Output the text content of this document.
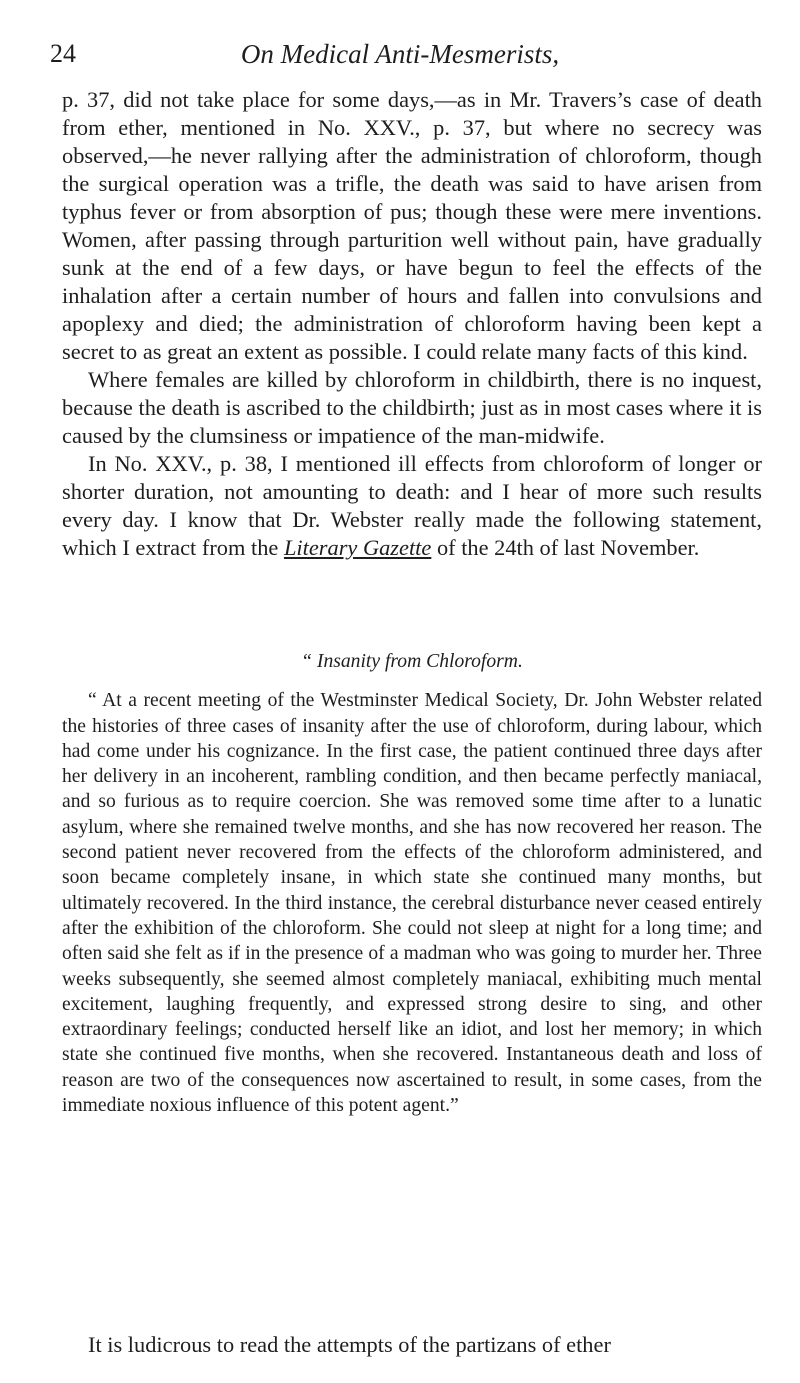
24	On Medical Anti-Mesmerists,

p. 37, did not take place for some days,—as in Mr. Travers’s case of death from ether, mentioned in No. XXV., p. 37, but where no secrecy was observed,—he never rallying after the administration of chloroform, though the surgical operation was a trifle, the death was said to have arisen from typhus fever or from absorption of pus; though these were mere inventions. Women, after passing through parturition well without pain, have gradually sunk at the end of a few days, or have begun to feel the effects of the inhalation after a certain number of hours and fallen into convulsions and apoplexy and died; the administration of chloroform having been kept a secret to as great an extent as possible. I could relate many facts of this kind.

Where females are killed by chloroform in childbirth, there is no inquest, because the death is ascribed to the childbirth; just as in most cases where it is caused by the clumsiness or impatience of the man-midwife.

In No. XXV., p. 38, I mentioned ill effects from chloroform of longer or shorter duration, not amounting to death: and I hear of more such results every day. I know that Dr. Webster really made the following statement, which I extract from the Literary Gazette of the 24th of last November.

“ Insanity from Chloroform.

“ At a recent meeting of the Westminster Medical Society, Dr. John Webster related the histories of three cases of insanity after the use of chloroform, during labour, which had come under his cognizance. In the first case, the patient continued three days after her delivery in an incoherent, rambling condition, and then became perfectly maniacal, and so furious as to require coercion. She was removed some time after to a lunatic asylum, where she remained twelve months, and she has now recovered her reason. The second patient never recovered from the effects of the chloroform administered, and soon became completely insane, in which state she continued many months, but ultimately recovered. In the third instance, the cerebral disturbance never ceased entirely after the exhibition of the chloroform. She could not sleep at night for a long time; and often said she felt as if in the presence of a madman who was going to murder her. Three weeks subsequently, she seemed almost completely maniacal, exhibiting much mental excitement, laughing frequently, and expressed strong desire to sing, and other extraordinary feelings; conducted herself like an idiot, and lost her memory; in which state she continued five months, when she recovered. Instantaneous death and loss of reason are two of the consequences now ascertained to result, in some cases, from the immediate noxious influence of this potent agent.”

It is ludicrous to read the attempts of the partizans of ether
